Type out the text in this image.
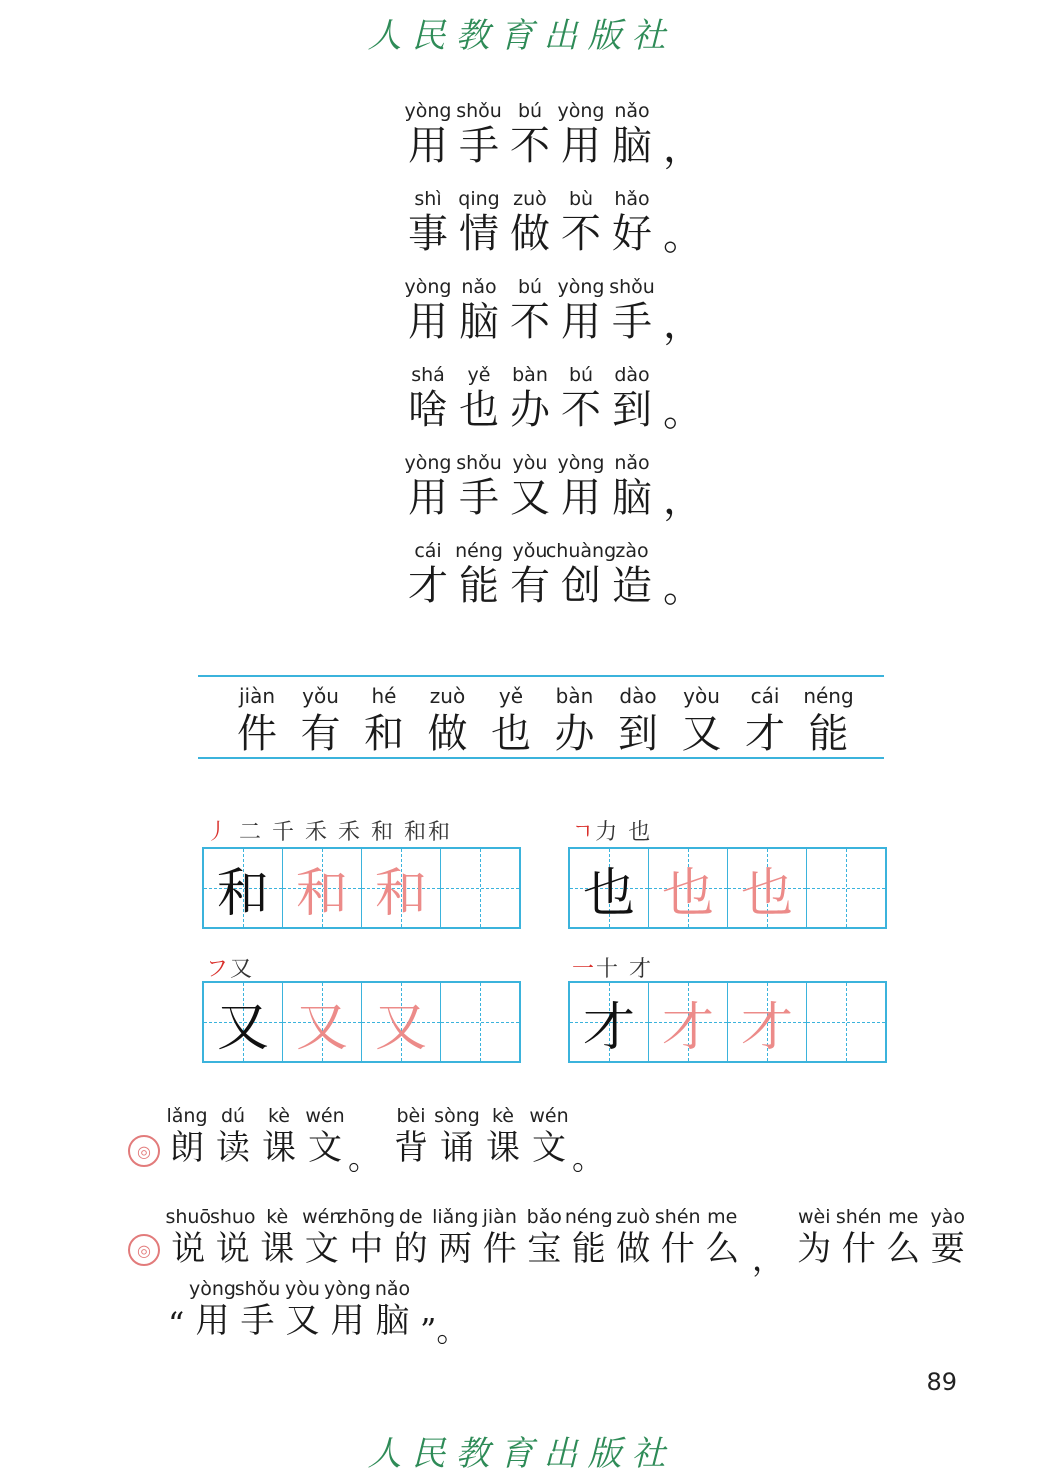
人民教育出版社
yòng
用
shǒu
手
bú
不
yòng
用
nǎo
脑 ，
shì
事
qing
情
zuò
做
bù
不
hǎo
好 。
yòng
用
nǎo
脑
bú
不
yòng
用
shǒu
手 ，
shá
啥
yě
也
bàn
办
bú
不
dào
到 。
yòng
用
shǒu
手
yòu
又
yòng
用
nǎo
脑 ，
cái
才
néng
能
yǒu
有
chuàng
创
zào
造 。
jiàn
件
yǒu
有
hé
和
zuò
做
yě
也
bàn
办
dào
到
yòu
又
cái
才
néng
能
丿 二 千 禾 禾 和 和和
和 和 和
ㄱ力 也
也 也 也
フ又
又 又 又
一十 才
才 才 才
◎
lǎng
朗
dú
读
kè
课
wén
文 。
bèi
背
sòng
诵
kè
课
wén
文 。
◎
shuō
说
shuo
说
kè
课
wén
文
zhōng
中
de
的
liǎng
两
jiàn
件
bǎo
宝
néng
能
zuò
做
shén
什
me
么 ，
wèi
为
shén
什
me
么
yào
要
“
yòng
用
shǒu
手
yòu
又
yòng
用
nǎo
脑 ”。
89
人民教育出版社
